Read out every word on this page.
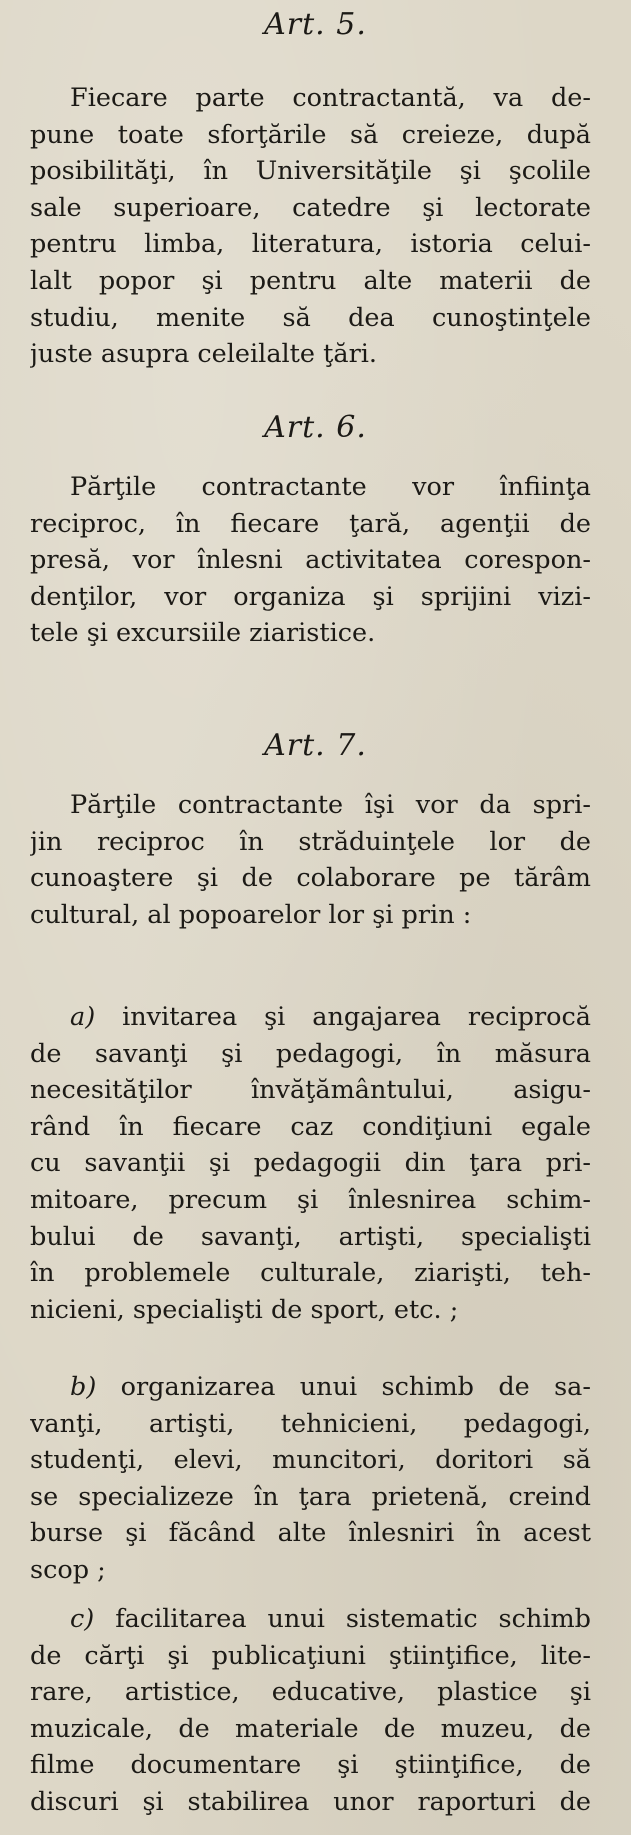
Art. 5.
Fiecare parte contractantă, va de-
pune toate sforţările să creieze, după
posibilităţi, în Universităţile şi şcolile
sale superioare, catedre şi lectorate
pentru limba, literatura, istoria celui-
lalt popor şi pentru alte materii de
studiu, menite să dea cunoştinţele
juste asupra celeilalte ţări.
Art. 6.
Părţile contractante vor înfiinţa
reciproc, în fiecare ţară, agenţii de
presă, vor înlesni activitatea corespon-
denţilor, vor organiza şi sprijini vizi-
tele şi excursiile ziaristice.
Art. 7.
Părţile contractante îşi vor da spri-
jin reciproc în străduinţele lor de
cunoaştere şi de colaborare pe tărâm
cultural, al popoarelor lor şi prin :
a) invitarea şi angajarea reciprocă
de savanţi şi pedagogi, în măsura
necesităţilor învăţământului, asigu-
rând în fiecare caz condiţiuni egale
cu savanţii şi pedagogii din ţara pri-
mitoare, precum şi înlesnirea schim-
bului de savanţi, artişti, specialişti
în problemele culturale, ziarişti, teh-
nicieni, specialişti de sport, etc. ;
b) organizarea unui schimb de sa-
vanţi, artişti, tehnicieni, pedagogi,
studenţi, elevi, muncitori, doritori să
se specializeze în ţara prietenă, creind
burse şi făcând alte înlesniri în acest
scop ;
c) facilitarea unui sistematic schimb
de cărţi şi publicaţiuni ştiinţifice, lite-
rare, artistice, educative, plastice şi
muzicale, de materiale de muzeu, de
filme documentare şi ştiinţifice, de
discuri şi stabilirea unor raporturi de
